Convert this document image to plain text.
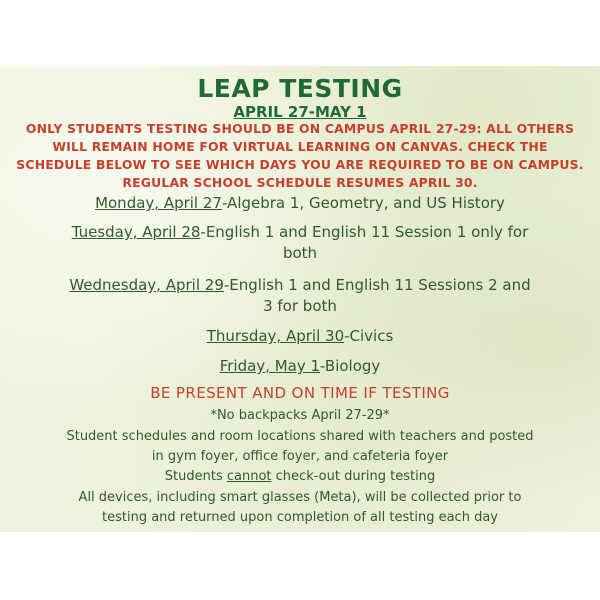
LEAP TESTING
APRIL 27-MAY 1
ONLY STUDENTS TESTING SHOULD BE ON CAMPUS APRIL 27-29: ALL OTHERS
WILL REMAIN HOME FOR VIRTUAL LEARNING ON CANVAS. CHECK THE
SCHEDULE BELOW TO SEE WHICH DAYS YOU ARE REQUIRED TO BE ON CAMPUS.
REGULAR SCHOOL SCHEDULE RESUMES APRIL 30.
Monday, April 27-Algebra 1, Geometry, and US History
Tuesday, April 28-English 1 and English 11 Session 1 only for
both
Wednesday, April 29-English 1 and English 11 Sessions 2 and
3 for both
Thursday, April 30-Civics
Friday, May 1-Biology
BE PRESENT AND ON TIME IF TESTING
*No backpacks April 27-29*
Student schedules and room locations shared with teachers and posted
in gym foyer, office foyer, and cafeteria foyer
Students cannot check-out during testing
All devices, including smart glasses (Meta), will be collected prior to
testing and returned upon completion of all testing each day
